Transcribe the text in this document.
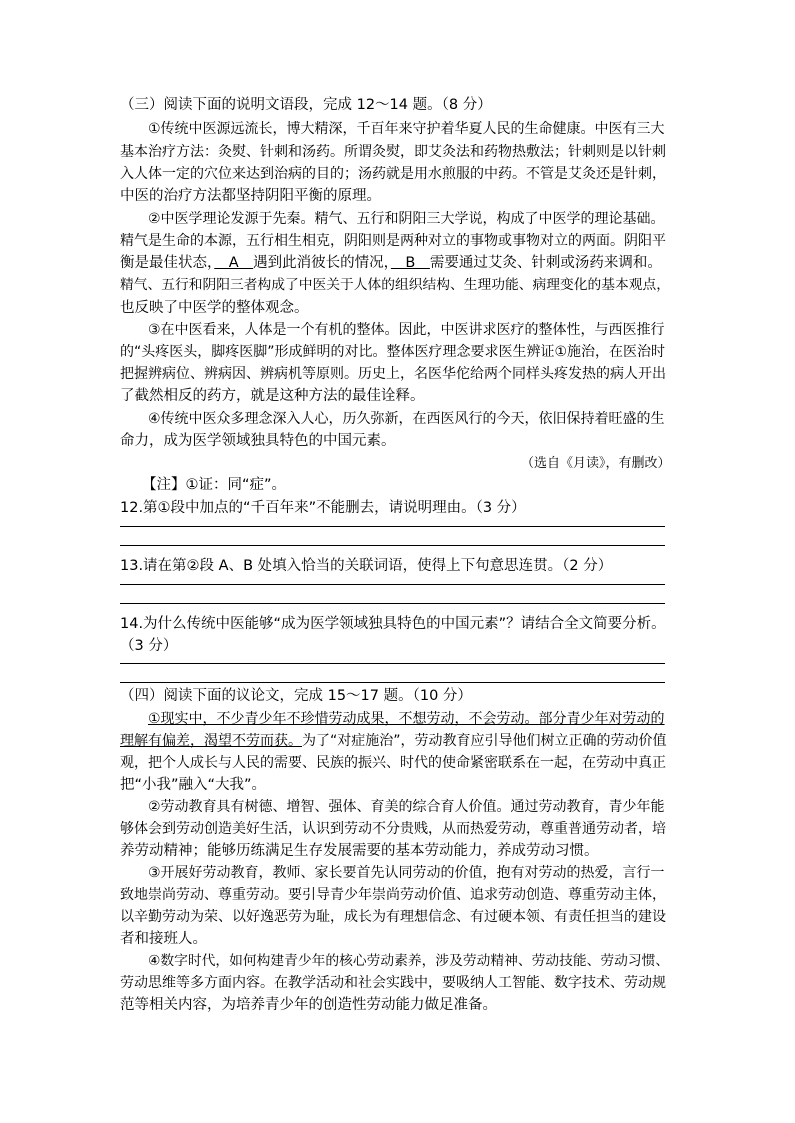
（三）阅读下面的说明文语段，完成 12～14 题。（8 分）
①传统中医源远流长，博大精深，千百年来守护着华夏人民的生命健康。中医有三大
基本治疗方法：灸熨、针刺和汤药。所谓灸熨，即艾灸法和药物热敷法；针刺则是以针刺
入人体一定的穴位来达到治病的目的；汤药就是用水煎服的中药。不管是艾灸还是针刺，
中医的治疗方法都坚持阴阳平衡的原理。
②中医学理论发源于先秦。精气、五行和阴阳三大学说，构成了中医学的理论基础。
精气是生命的本源，五行相生相克，阴阳则是两种对立的事物或事物对立的两面。阴阳平
衡是最佳状态，　A　遇到此消彼长的情况，　B　需要通过艾灸、针刺或汤药来调和。
精气、五行和阴阳三者构成了中医关于人体的组织结构、生理功能、病理变化的基本观点，
也反映了中医学的整体观念。
③在中医看来，人体是一个有机的整体。因此，中医讲求医疗的整体性，与西医推行
的“头疼医头，脚疼医脚”形成鲜明的对比。整体医疗理念要求医生辨证①施治，在医治时
把握辨病位、辨病因、辨病机等原则。历史上，名医华佗给两个同样头疼发热的病人开出
了截然相反的药方，就是这种方法的最佳诠释。
④传统中医众多理念深入人心，历久弥新，在西医风行的今天，依旧保持着旺盛的生
命力，成为医学领域独具特色的中国元素。
（选自《月读》，有删改）
【注】①证：同“症”。
12.第①段中加点的“千百年来”不能删去，请说明理由。（3 分）
13.请在第②段 A、B 处填入恰当的关联词语，使得上下句意思连贯。（2 分）
14.为什么传统中医能够“成为医学领域独具特色的中国元素”？请结合全文简要分析。
（3 分）
（四）阅读下面的议论文，完成 15～17 题。（10 分）
①现实中，不少青少年不珍惜劳动成果，不想劳动，不会劳动。部分青少年对劳动的
理解有偏差，渴望不劳而获。为了“对症施治”，劳动教育应引导他们树立正确的劳动价值
观，把个人成长与人民的需要、民族的振兴、时代的使命紧密联系在一起，在劳动中真正
把“小我”融入“大我”。
②劳动教育具有树德、增智、强体、育美的综合育人价值。通过劳动教育，青少年能
够体会到劳动创造美好生活，认识到劳动不分贵贱，从而热爱劳动，尊重普通劳动者，培
养劳动精神；能够历练满足生存发展需要的基本劳动能力，养成劳动习惯。
③开展好劳动教育，教师、家长要首先认同劳动的价值，抱有对劳动的热爱，言行一
致地崇尚劳动、尊重劳动。要引导青少年崇尚劳动价值、追求劳动创造、尊重劳动主体，
以辛勤劳动为荣、以好逸恶劳为耻，成长为有理想信念、有过硬本领、有责任担当的建设
者和接班人。
④数字时代，如何构建青少年的核心劳动素养，涉及劳动精神、劳动技能、劳动习惯、
劳动思维等多方面内容。在教学活动和社会实践中，要吸纳人工智能、数字技术、劳动规
范等相关内容，为培养青少年的创造性劳动能力做足准备。
